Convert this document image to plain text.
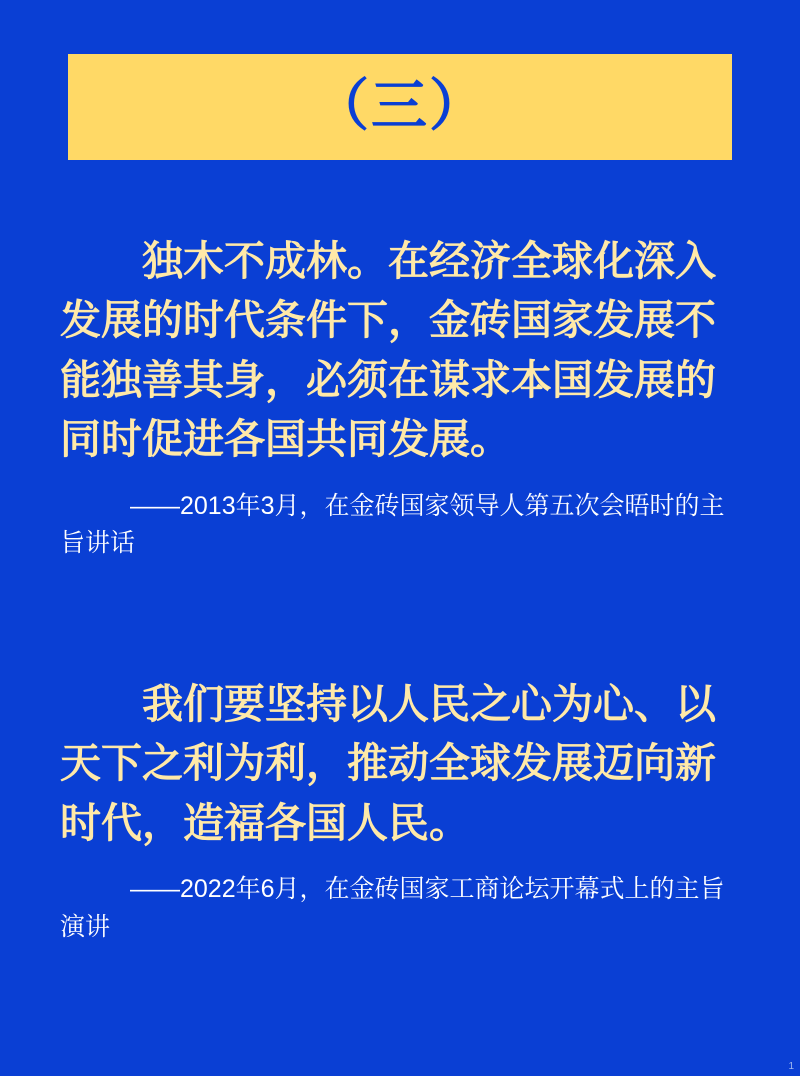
（三）

独木不成林。在经济全球化深入发展的时代条件下，金砖国家发展不能独善其身，必须在谋求本国发展的同时促进各国共同发展。

——2013年3月，在金砖国家领导人第五次会晤时的主旨讲话

我们要坚持以人民之心为心、以天下之利为利，推动全球发展迈向新时代，造福各国人民。

——2022年6月，在金砖国家工商论坛开幕式上的主旨演讲

1
